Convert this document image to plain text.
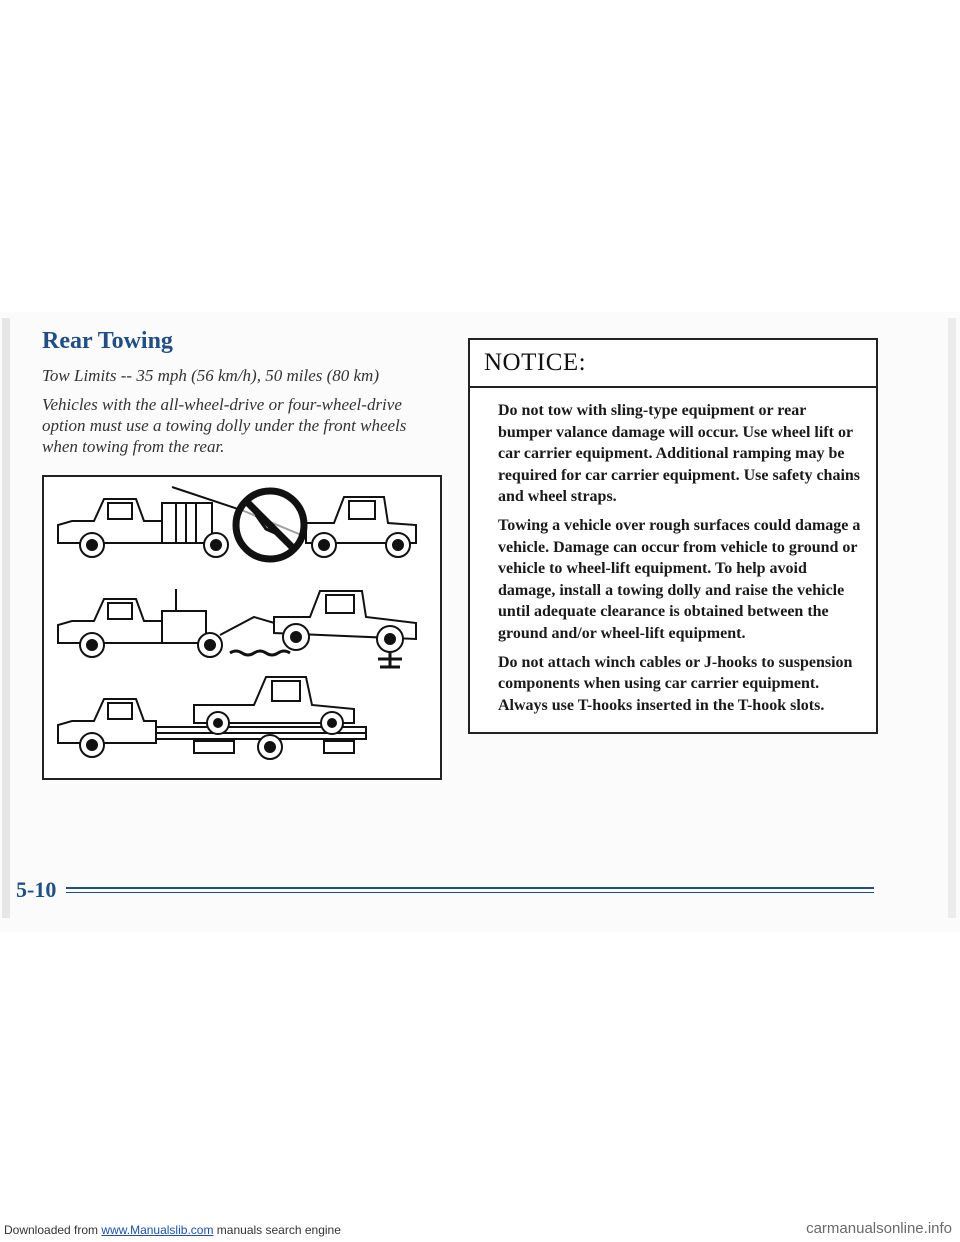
Rear Towing

Tow Limits -- 35 mph (56 km/h), 50 miles (80 km)

Vehicles with the all-wheel-drive or four-wheel-drive option must use a towing dolly under the front wheels when towing from the rear.

NOTICE:

Do not tow with sling-type equipment or rear bumper valance damage will occur. Use wheel lift or car carrier equipment. Additional ramping may be required for car carrier equipment. Use safety chains and wheel straps.

Towing a vehicle over rough surfaces could damage a vehicle. Damage can occur from vehicle to ground or vehicle to wheel-lift equipment. To help avoid damage, install a towing dolly and raise the vehicle until adequate clearance is obtained between the ground and/or wheel-lift equipment.

Do not attach winch cables or J-hooks to suspension components when using car carrier equipment. Always use T-hooks inserted in the T-hook slots.

5-10
Downloaded from www.Manualslib.com manuals search engine	carmanualsonline.info
